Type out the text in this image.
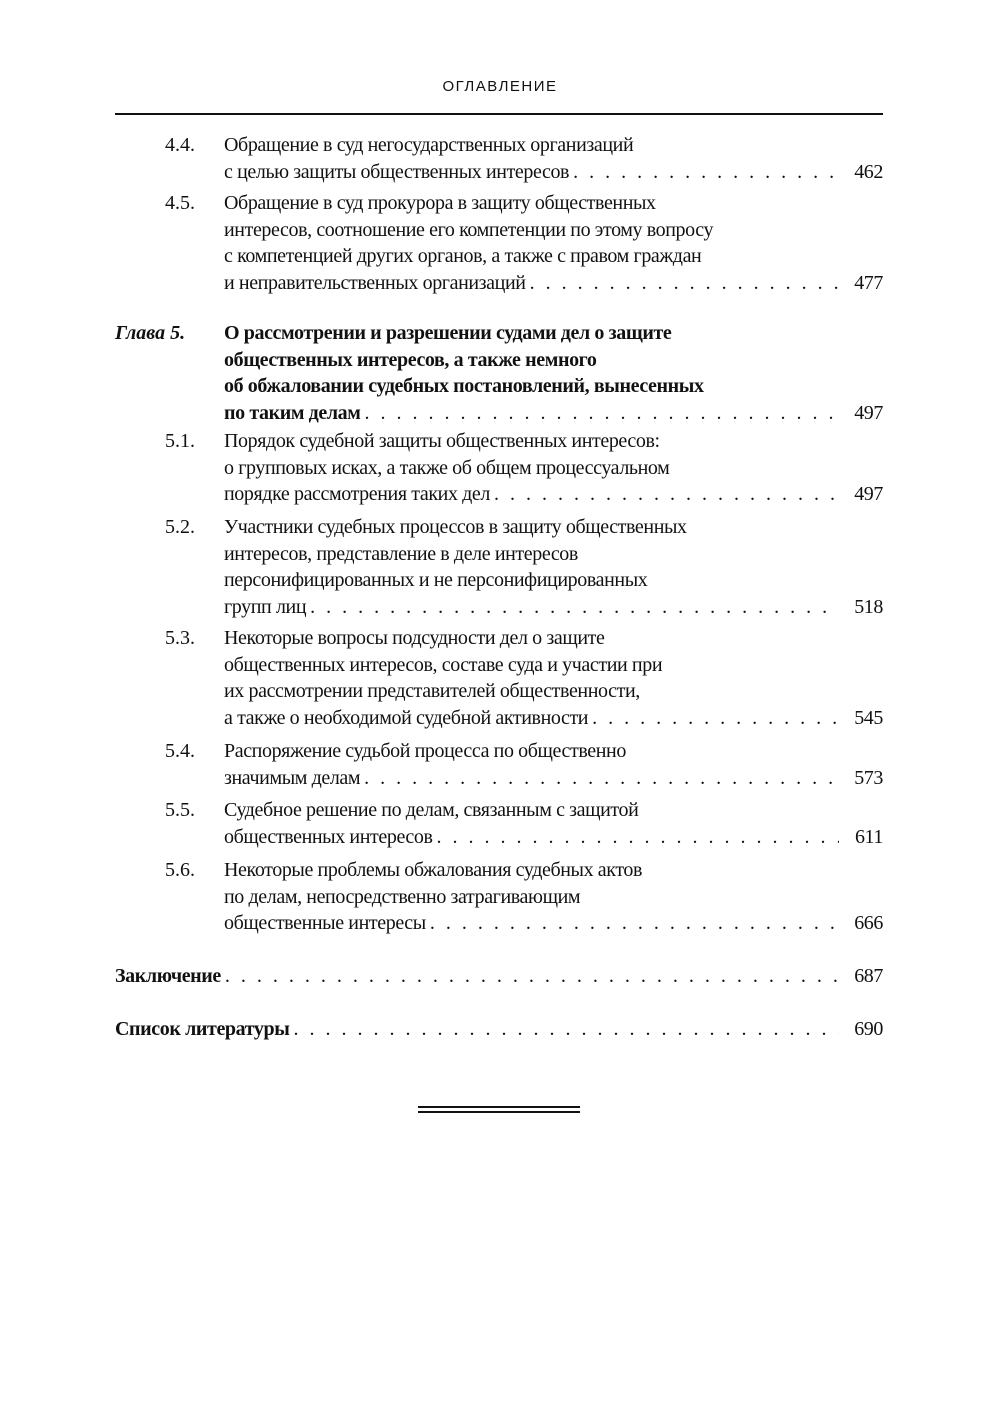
ОГЛАВЛЕНИЕ
4.4. Обращение в суд негосударственных организаций
с целью защиты общественных интересов . . .	462
4.5. Обращение в суд прокурора в защиту общественных
интересов, соотношение его компетенции по этому вопросу
с компетенцией других органов, а также с правом граждан
и неправительственных организаций . . .	477
Глава 5.	О рассмотрении и разрешении судами дел о защите
общественных интересов, а также немного
об обжаловании судебных постановлений, вынесенных
по таким делам . . .	497
5.1. Порядок судебной защиты общественных интересов:
о групповых исках, а также об общем процессуальном
порядке рассмотрения таких дел . . .	497
5.2. Участники судебных процессов в защиту общественных
интересов, представление в деле интересов
персонифицированных и не персонифицированных
групп лиц . . .	518
5.3. Некоторые вопросы подсудности дел о защите
общественных интересов, составе суда и участии при
их рассмотрении представителей общественности,
а также о необходимой судебной активности . . .	545
5.4. Распоряжение судьбой процесса по общественно
значимым делам . . .	573
5.5. Судебное решение по делам, связанным с защитой
общественных интересов . . .	611
5.6. Некоторые проблемы обжалования судебных актов
по делам, непосредственно затрагивающим
общественные интересы . . .	666
Заключение . . .	687
Список литературы . . .	690
